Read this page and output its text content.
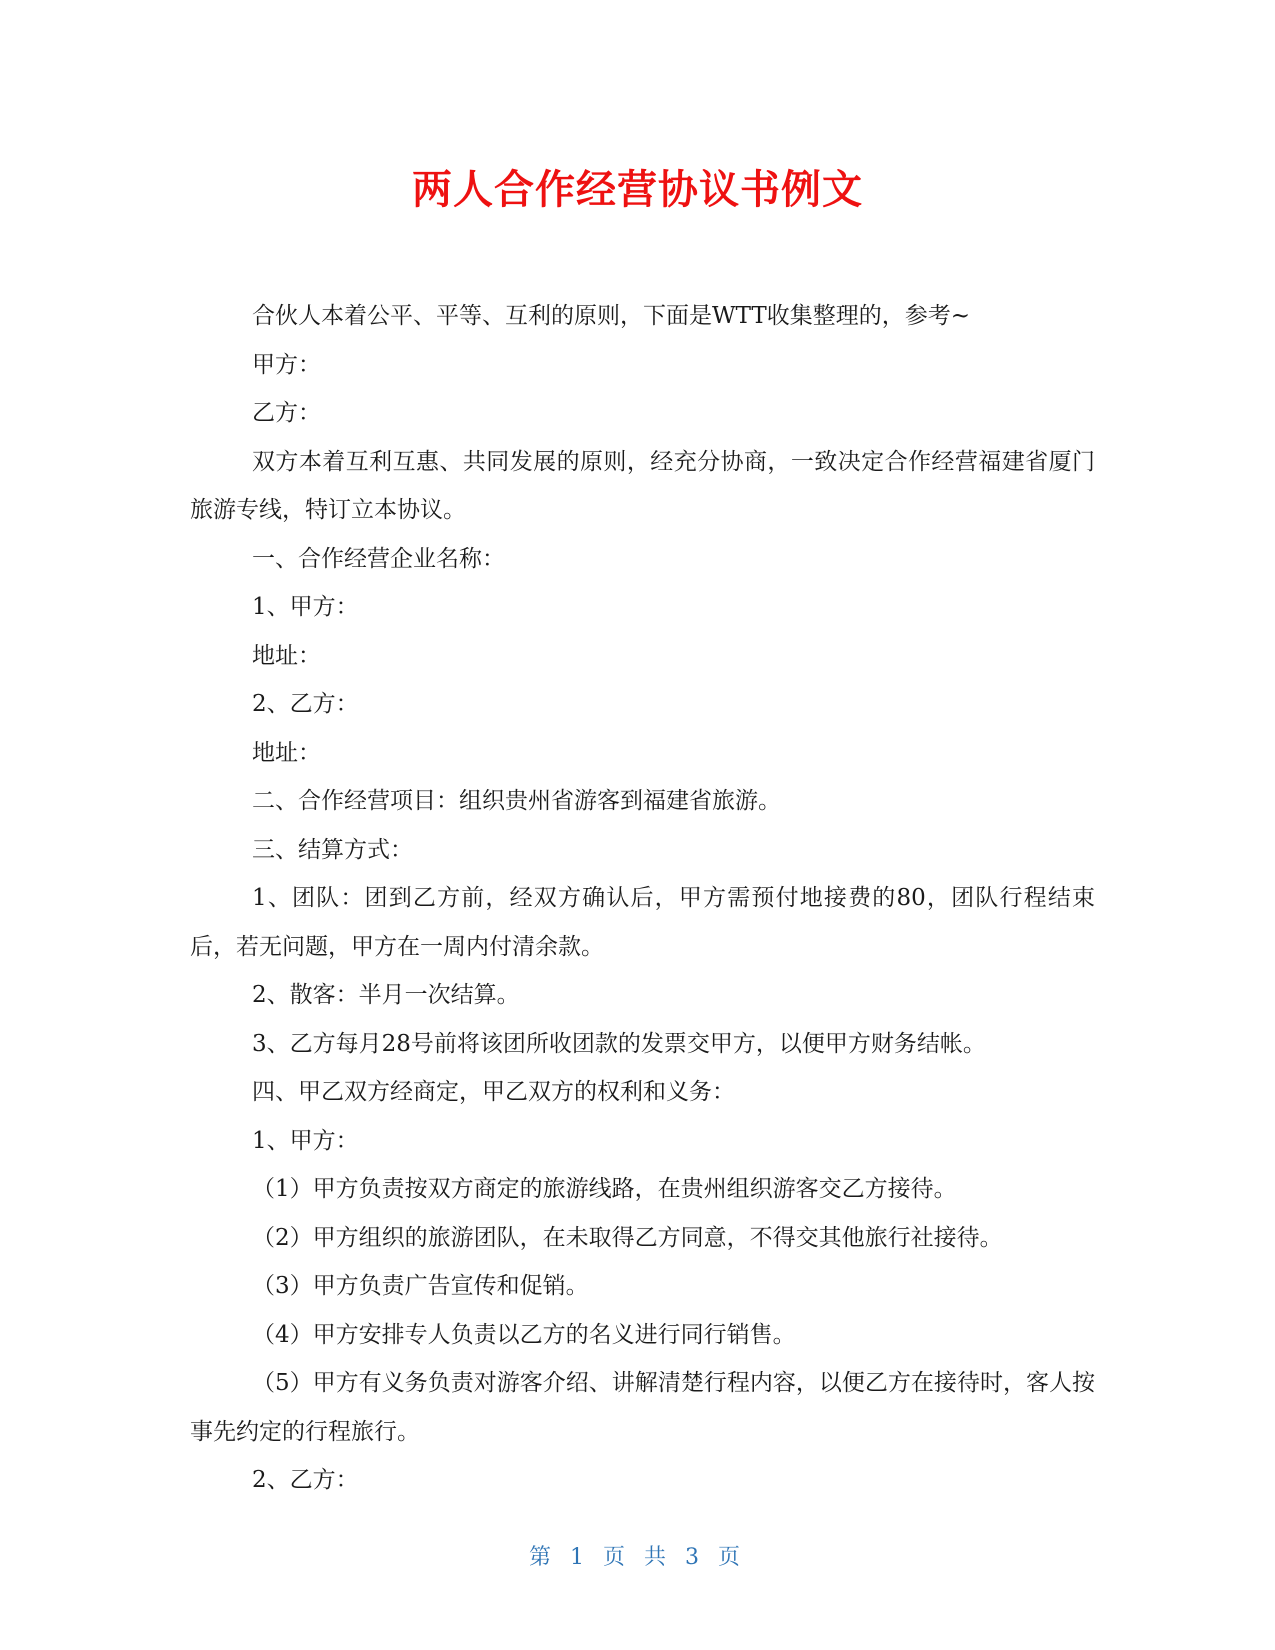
两人合作经营协议书例文

合伙人本着公平、平等、互利的原则，下面是WTT收集整理的，参考~

甲方：

乙方：

双方本着互利互惠、共同发展的原则，经充分协商，一致决定合作经营福建省厦门旅游专线，特订立本协议。

一、合作经营企业名称：

1、甲方：

地址：

2、乙方：

地址：

二、合作经营项目：组织贵州省游客到福建省旅游。

三、结算方式：

1、团队：团到乙方前，经双方确认后，甲方需预付地接费的80，团队行程结束后，若无问题，甲方在一周内付清余款。

2、散客：半月一次结算。

3、乙方每月28号前将该团所收团款的发票交甲方，以便甲方财务结帐。

四、甲乙双方经商定，甲乙双方的权利和义务：

1、甲方：

（1）甲方负责按双方商定的旅游线路，在贵州组织游客交乙方接待。

（2）甲方组织的旅游团队，在未取得乙方同意，不得交其他旅行社接待。

（3）甲方负责广告宣传和促销。

（4）甲方安排专人负责以乙方的名义进行同行销售。

（5）甲方有义务负责对游客介绍、讲解清楚行程内容，以便乙方在接待时，客人按事先约定的行程旅行。

2、乙方：

第 1 页 共 3 页
